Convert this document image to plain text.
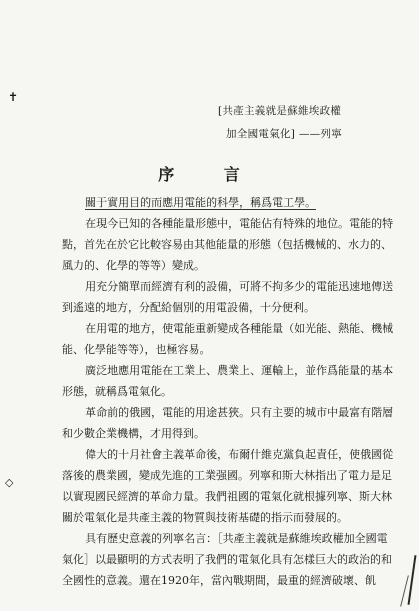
✝
◇
[共產主義就是蘇維埃政權
加全國電氣化] ——列寧
序 言

關于實用目的而應用電能的科學，稱爲電工學。

在現今已知的各種能量形態中，電能佔有特殊的地位。電能的特點，首先在於它比較容易由其他能量的形態（包括機械的、水力的、風力的、化學的等等）變成。

用充分簡單而經濟有利的設備，可將不拘多少的電能迅速地傳送到遙遠的地方，分配給個別的用電設備，十分便利。

在用電的地方，使電能重新變成各種能量（如光能、熱能、機械能、化學能等等），也極容易。

廣泛地應用電能在工業上、農業上、運輸上，並作爲能量的基本形態，就稱爲電氣化。

革命前的俄國，電能的用途甚狹。只有主要的城市中最富有階層和少數企業機構，才用得到。

偉大的十月社會主義革命後，布爾什維克黨負起責任，使俄國從落後的農業國，變成先進的工業强國。列寧和斯大林指出了電力是足以實現國民經濟的革命力量。我們祖國的電氣化就根據列寧、斯大林關於電氣化是共產主義的物質與技術基礎的指示而發展的。

具有歷史意義的列寧名言：［共產主義就是蘇維埃政權加全國電氣化］以最顯明的方式表明了我們的電氣化具有怎樣巨大的政治的和全國性的意義。還在1920年，當內戰期間，最重的經濟破壞、飢
